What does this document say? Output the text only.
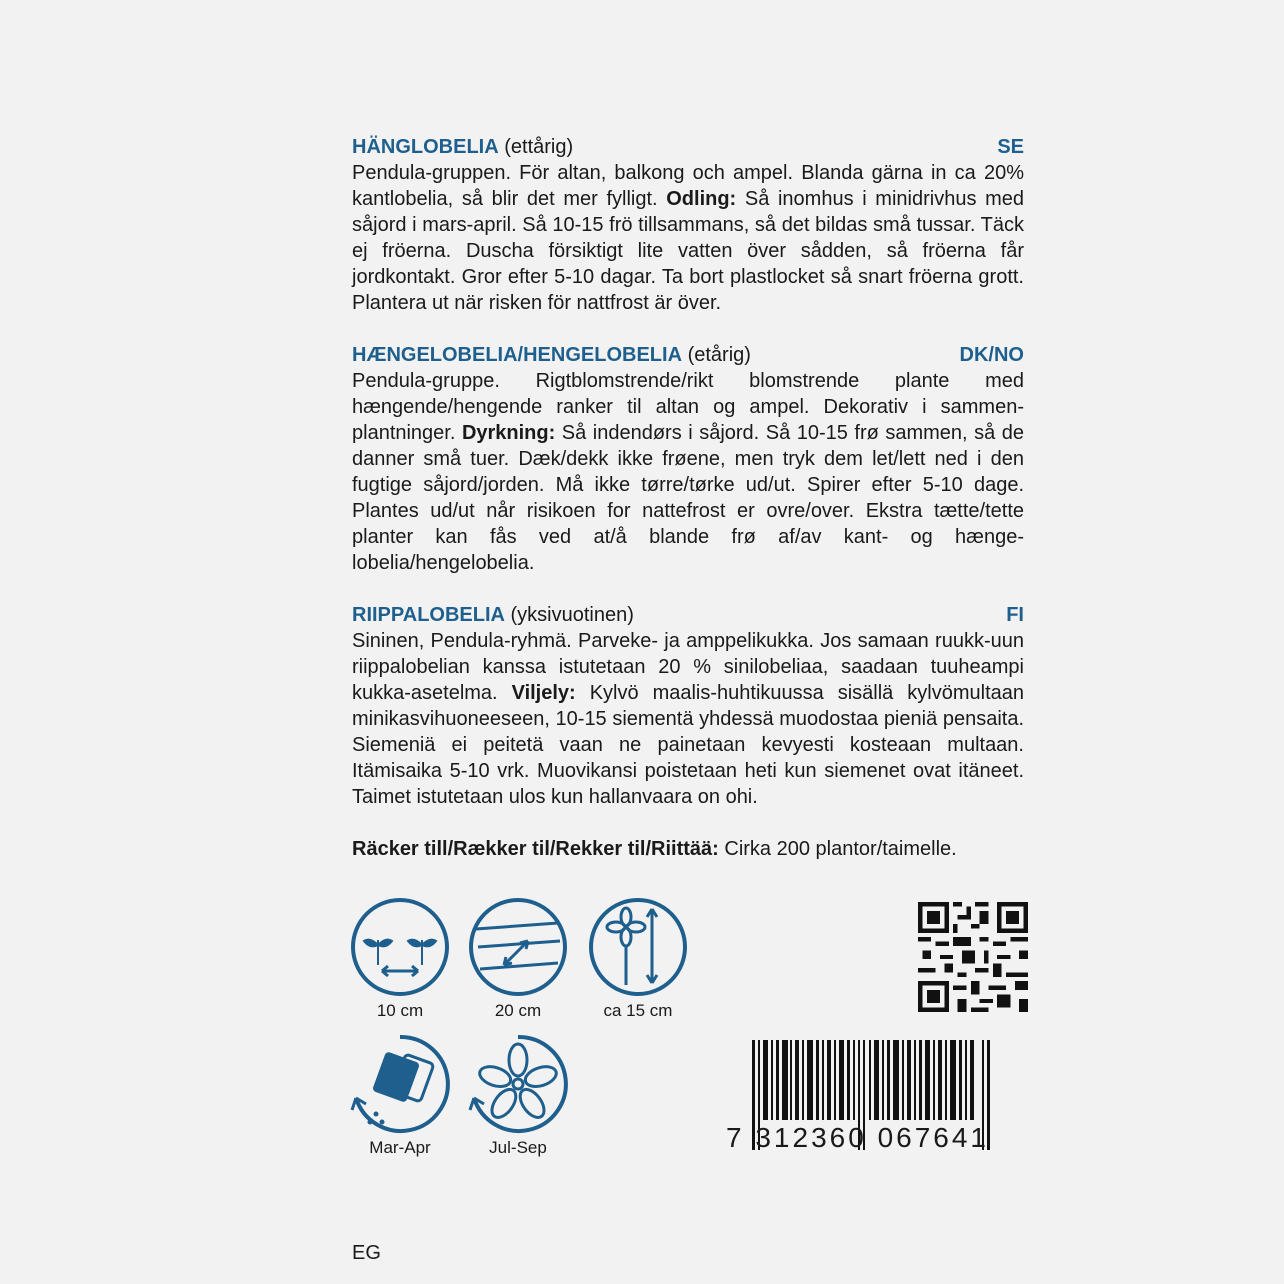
HÄNGLOBELIA (ettårig)	SE
Pendula-gruppen. För altan, balkong och ampel. Blanda gärna in ca 20% kantlobelia, så blir det mer fylligt. Odling: Så inomhus i minidrivhus med såjord i mars-april. Så 10-15 frö tillsammans, så det bildas små tussar. Täck ej fröerna. Duscha försiktigt lite vatten över sådden, så fröerna får jordkontakt. Gror efter 5-10 dagar. Ta bort plastlocket så snart fröerna grott. Plantera ut när risken för nattfrost är över.
HÆNGELOBELIA/HENGELOBELIA (etårig)	DK/NO
Pendula-gruppe. Rigtblomstrende/rikt blomstrende plante med hængende/hengende ranker til altan og ampel. Dekorativ i sammen-plantninger. Dyrkning: Så indendørs i såjord. Så 10-15 frø sammen, så de danner små tuer. Dæk/dekk ikke frøene, men tryk dem let/lett ned i den fugtige såjord/jorden. Må ikke tørre/tørke ud/ut. Spirer efter 5-10 dage. Plantes ud/ut når risikoen for nattefrost er ovre/over. Ekstra tætte/tette planter kan fås ved at/å blande frø af/av kant- og hænge-lobelia/hengelobelia.
RIIPPALOBELIA (yksivuotinen)	FI
Sininen, Pendula-ryhmä. Parveke- ja amppelikukka. Jos samaan ruukk-uun riippalobelian kanssa istutetaan 20 % sinilobeliaa, saadaan tuuheampi kukka-asetelma. Viljely: Kylvö maalis-huhtikuussa sisällä kylvömultaan minikasvihuoneeseen, 10-15 siementä yhdessä muodostaa pieniä pensaita. Siemeniä ei peitetä vaan ne painetaan kevyesti kosteaan multaan. Itämisaika 5-10 vrk. Muovikansi poistetaan heti kun siemenet ovat itäneet. Taimet istutetaan ulos kun hallanvaara on ohi.
Räcker till/Rækker til/Rekker til/Riittää: Cirka 200 plantor/taimelle.
10 cm	20 cm	ca 15 cm
Mar-Apr	Jul-Sep	7 312360 067641
EG
